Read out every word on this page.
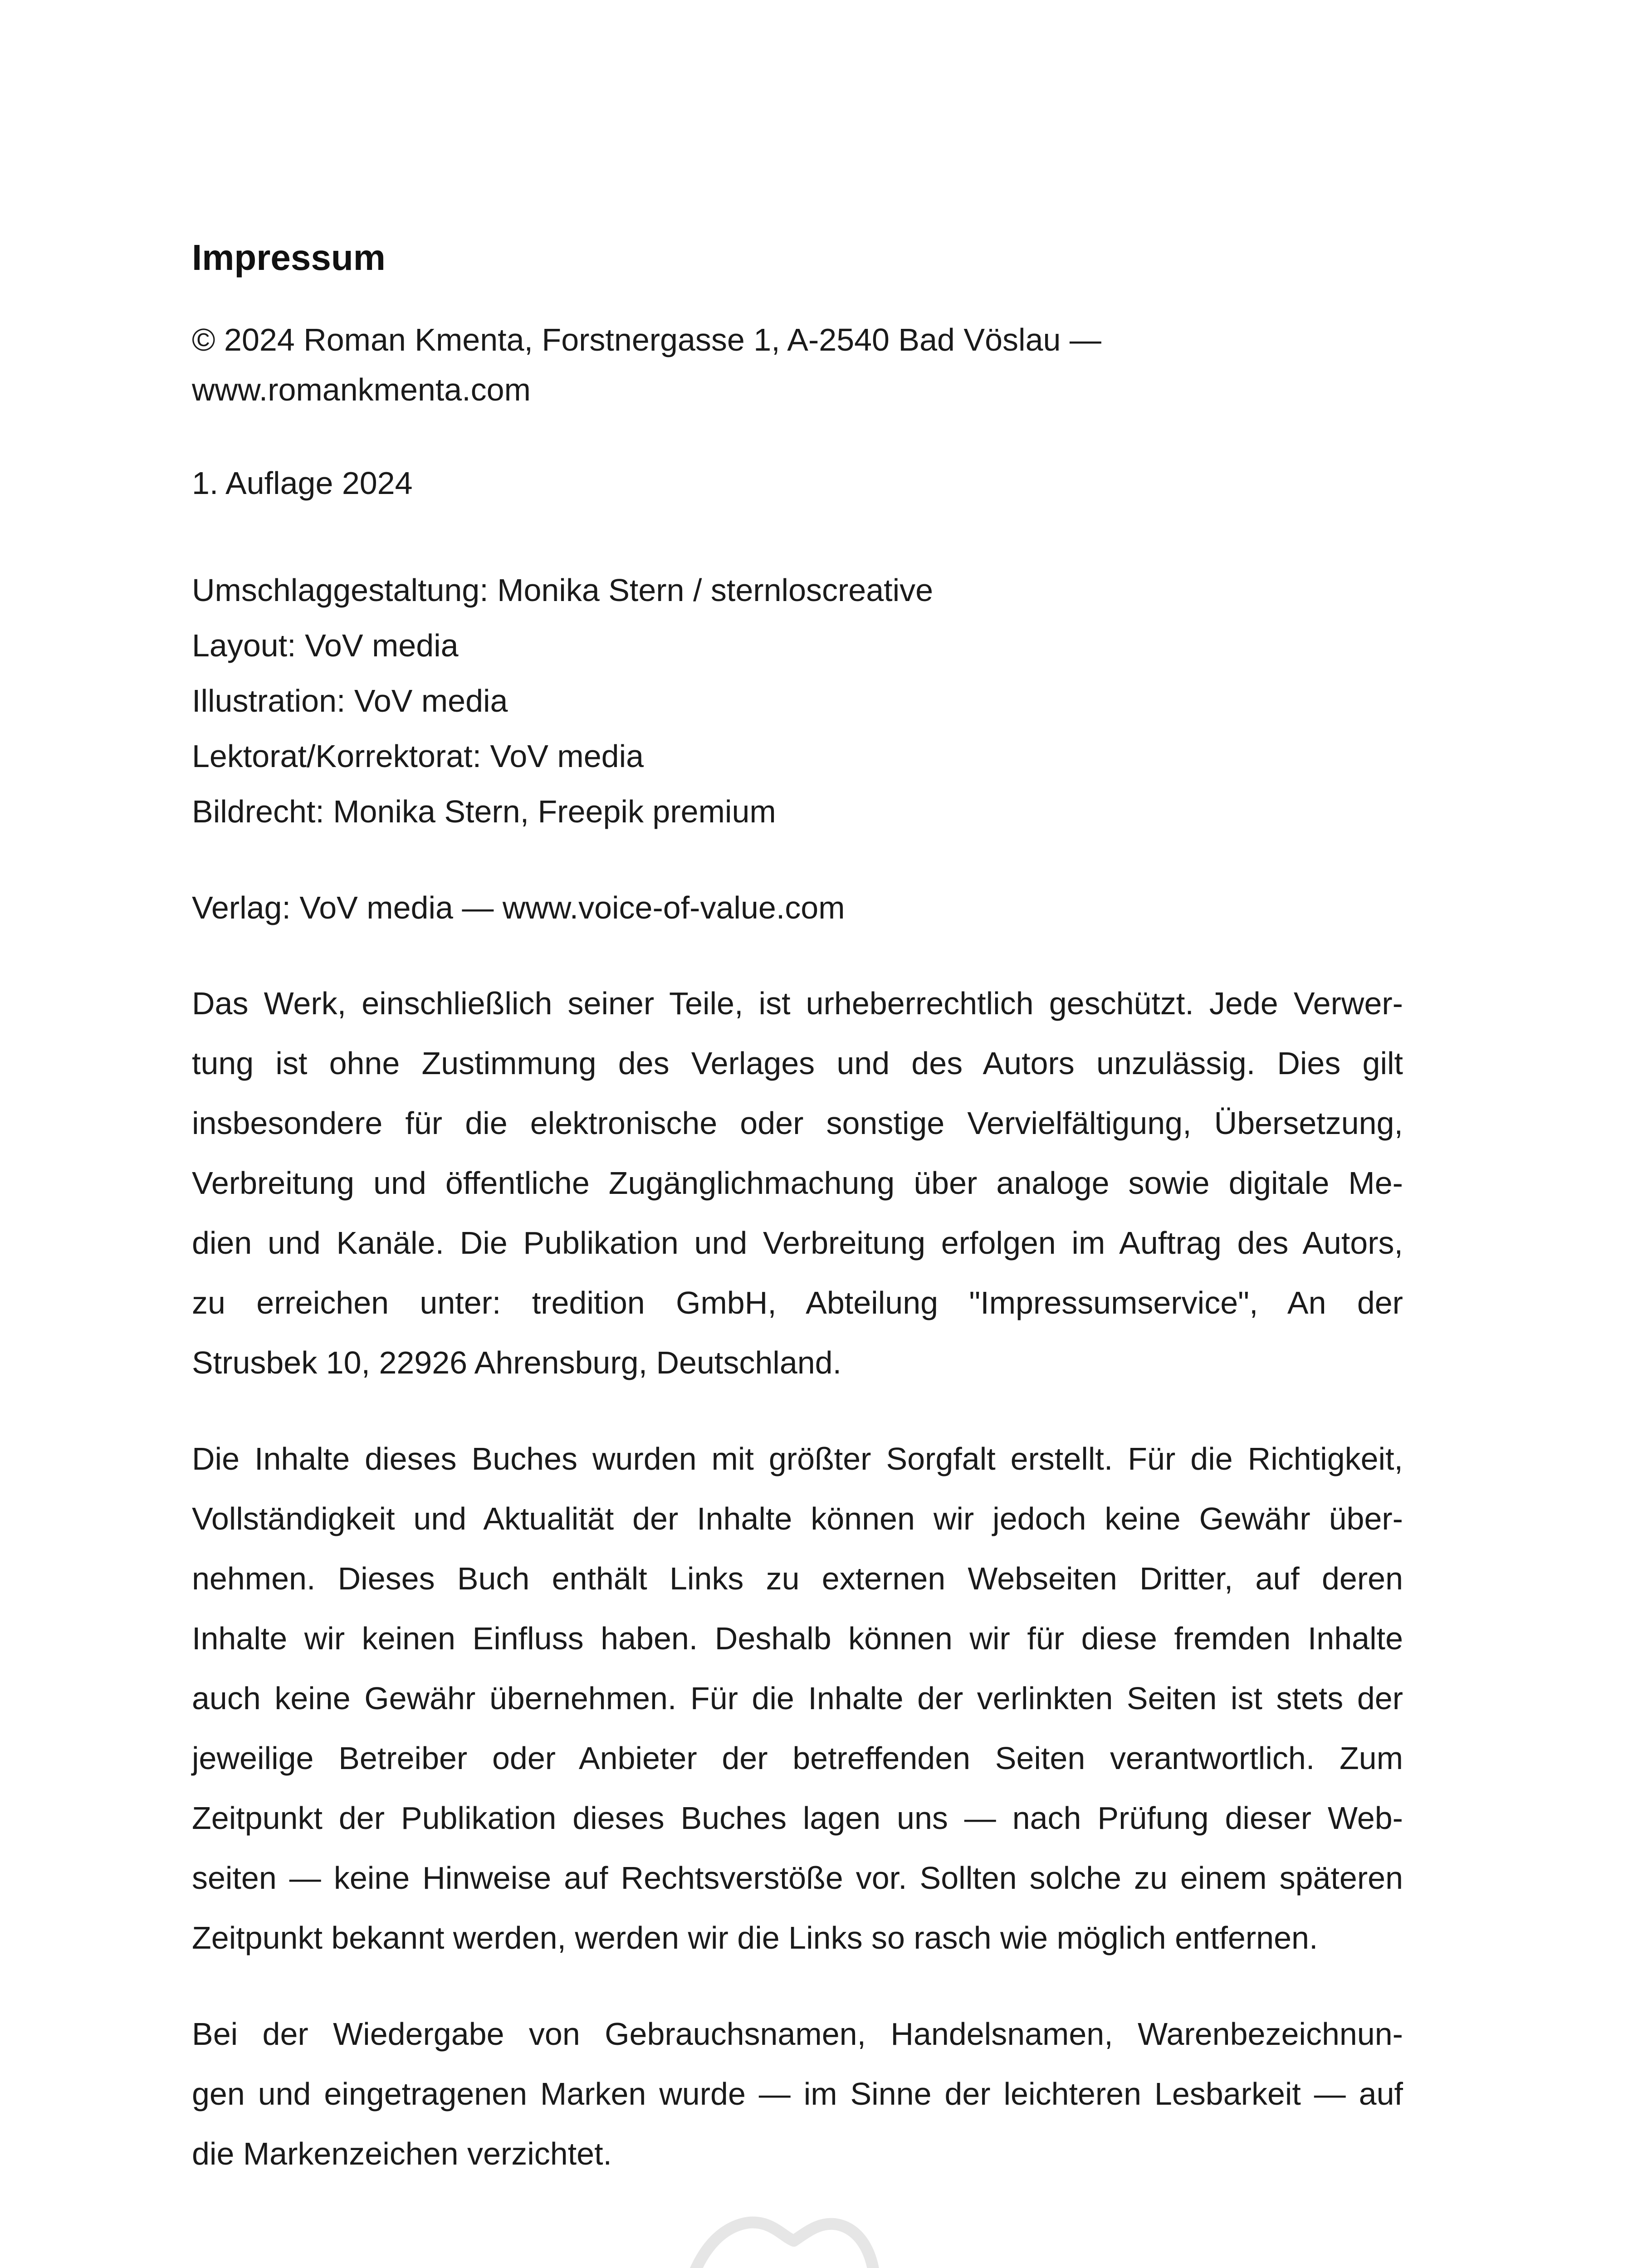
Impressum
© 2024 Roman Kmenta, Forstnergasse 1, A-2540 Bad Vöslau —
www.romankmenta.com
1. Auflage 2024
Umschlaggestaltung: Monika Stern / sternloscreative
Layout: VoV media
Illustration: VoV media
Lektorat/Korrektorat: VoV media
Bildrecht: Monika Stern, Freepik premium
Verlag: VoV media — www.voice-of-value.com
Das Werk, einschließlich seiner Teile, ist urheberrechtlich geschützt. Jede Verwer-
tung ist ohne Zustimmung des Verlages und des Autors unzulässig. Dies gilt
insbesondere für die elektronische oder sonstige Vervielfältigung, Übersetzung,
Verbreitung und öffentliche Zugänglichmachung über analoge sowie digitale Me-
dien und Kanäle. Die Publikation und Verbreitung erfolgen im Auftrag des Autors,
zu erreichen unter: tredition GmbH, Abteilung "Impressumservice", An der
Strusbek 10, 22926 Ahrensburg, Deutschland.
Die Inhalte dieses Buches wurden mit größter Sorgfalt erstellt. Für die Richtigkeit,
Vollständigkeit und Aktualität der Inhalte können wir jedoch keine Gewähr über-
nehmen. Dieses Buch enthält Links zu externen Webseiten Dritter, auf deren
Inhalte wir keinen Einfluss haben. Deshalb können wir für diese fremden Inhalte
auch keine Gewähr übernehmen. Für die Inhalte der verlinkten Seiten ist stets der
jeweilige Betreiber oder Anbieter der betreffenden Seiten verantwortlich. Zum
Zeitpunkt der Publikation dieses Buches lagen uns — nach Prüfung dieser Web-
seiten — keine Hinweise auf Rechtsverstöße vor. Sollten solche zu einem späteren
Zeitpunkt bekannt werden, werden wir die Links so rasch wie möglich entfernen.
Bei der Wiedergabe von Gebrauchsnamen, Handelsnamen, Warenbezeichnun-
gen und eingetragenen Marken wurde — im Sinne der leichteren Lesbarkeit — auf
die Markenzeichen verzichtet.
